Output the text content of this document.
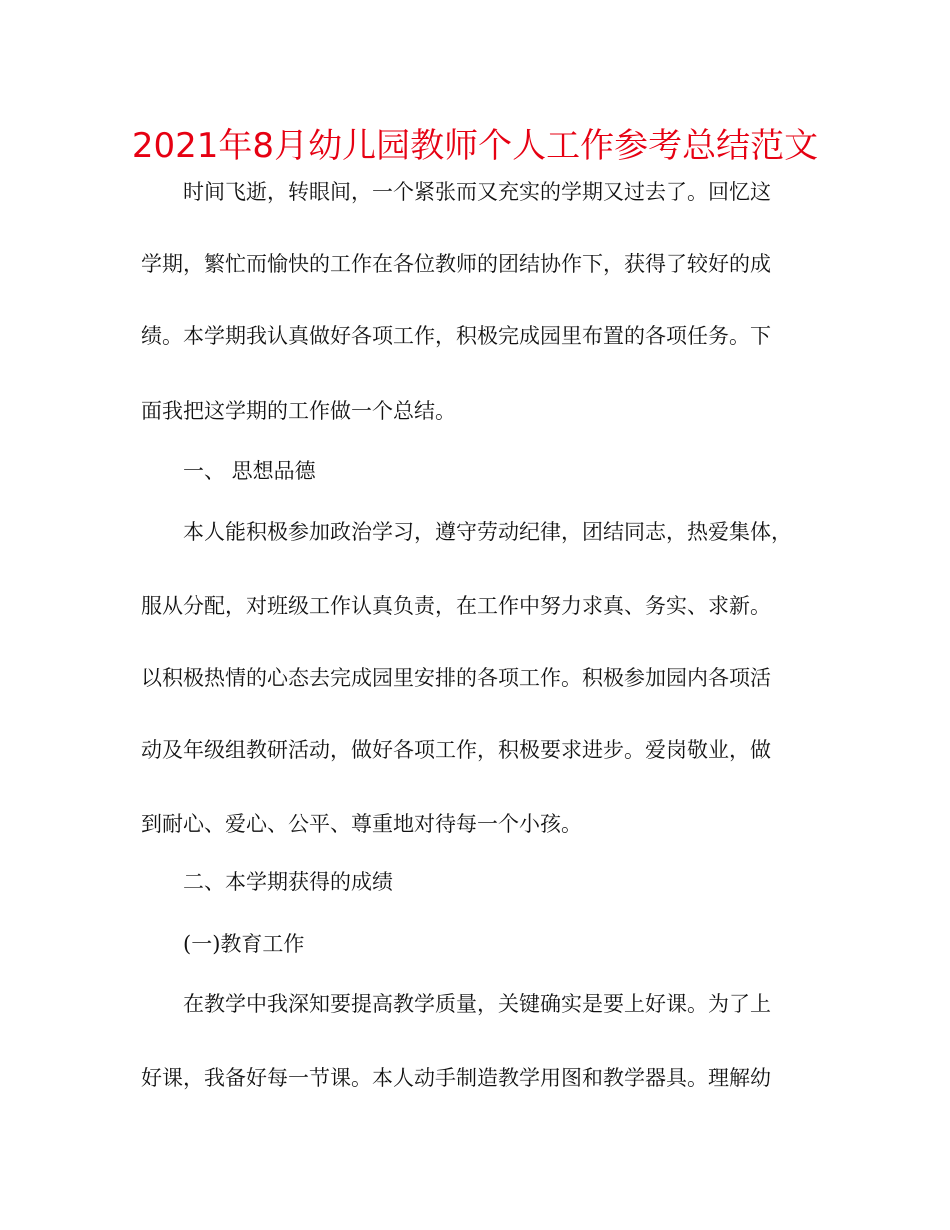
2021年8月幼儿园教师个人工作参考总结范文

时间飞逝，转眼间，一个紧张而又充实的学期又过去了。回忆这

学期，繁忙而愉快的工作在各位教师的团结协作下，获得了较好的成

绩。本学期我认真做好各项工作，积极完成园里布置的各项任务。下

面我把这学期的工作做一个总结。

一、 思想品德

本人能积极参加政治学习，遵守劳动纪律，团结同志，热爱集体，

服从分配，对班级工作认真负责，在工作中努力求真、务实、求新。

以积极热情的心态去完成园里安排的各项工作。积极参加园内各项活

动及年级组教研活动，做好各项工作，积极要求进步。爱岗敬业，做

到耐心、爱心、公平、尊重地对待每一个小孩。

二、本学期获得的成绩

(一)教育工作

在教学中我深知要提高教学质量，关键确实是要上好课。为了上

好课，我备好每一节课。本人动手制造教学用图和教学器具。理解幼
